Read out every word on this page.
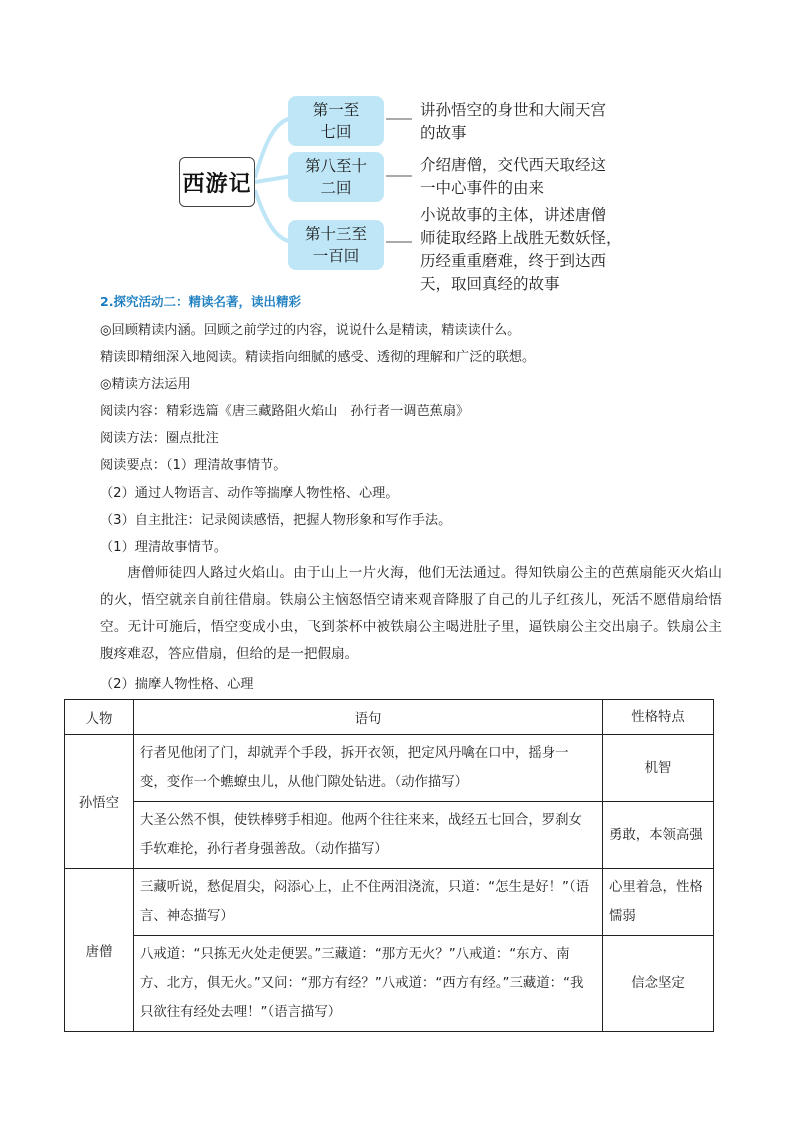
西游记
第一至
七回
讲孙悟空的身世和大闹天宫
的故事
第八至十
二回
介绍唐僧，交代西天取经这
一中心事件的由来
第十三至
一百回
小说故事的主体，讲述唐僧
师徒取经路上战胜无数妖怪，
历经重重磨难，终于到达西
天，取回真经的故事
2.探究活动二：精读名著，读出精彩
◎回顾精读内涵。回顾之前学过的内容，说说什么是精读，精读读什么。
精读即精细深入地阅读。精读指向细腻的感受、透彻的理解和广泛的联想。
◎精读方法运用
阅读内容：精彩选篇《唐三藏路阻火焰山　孙行者一调芭蕉扇》
阅读方法：圈点批注
阅读要点：（1）理清故事情节。
（2）通过人物语言、动作等揣摩人物性格、心理。
（3）自主批注：记录阅读感悟，把握人物形象和写作手法。
（1）理清故事情节。
唐僧师徒四人路过火焰山。由于山上一片火海，他们无法通过。得知铁扇公主的芭蕉扇能灭火焰山的火，悟空就亲自前往借扇。铁扇公主恼怒悟空请来观音降服了自己的儿子红孩儿，死活不愿借扇给悟空。无计可施后，悟空变成小虫，飞到茶杯中被铁扇公主喝进肚子里，逼铁扇公主交出扇子。铁扇公主腹疼难忍，答应借扇，但给的是一把假扇。
（2）揣摩人物性格、心理
人物	语句	性格特点
孙悟空	行者见他闭了门，却就弄个手段，拆开衣领，把定风丹噙在口中，摇身一变，变作一个蟭蟟虫儿，从他门隙处钻进。（动作描写）	机智
	大圣公然不惧，使铁棒劈手相迎。他两个往往来来，战经五七回合，罗刹女手软难抡，孙行者身强善敌。（动作描写）	勇敢，本领高强
唐僧	三藏听说，愁促眉尖，闷添心上，止不住两泪浇流，只道：“怎生是好！”（语言、神态描写）	心里着急，性格懦弱
	八戒道：“只拣无火处走便罢。”三藏道：“那方无火？”八戒道：“东方、南方、北方，俱无火。”又问：“那方有经？”八戒道：“西方有经。”三藏道：“我只欲往有经处去哩！”（语言描写）	信念坚定
